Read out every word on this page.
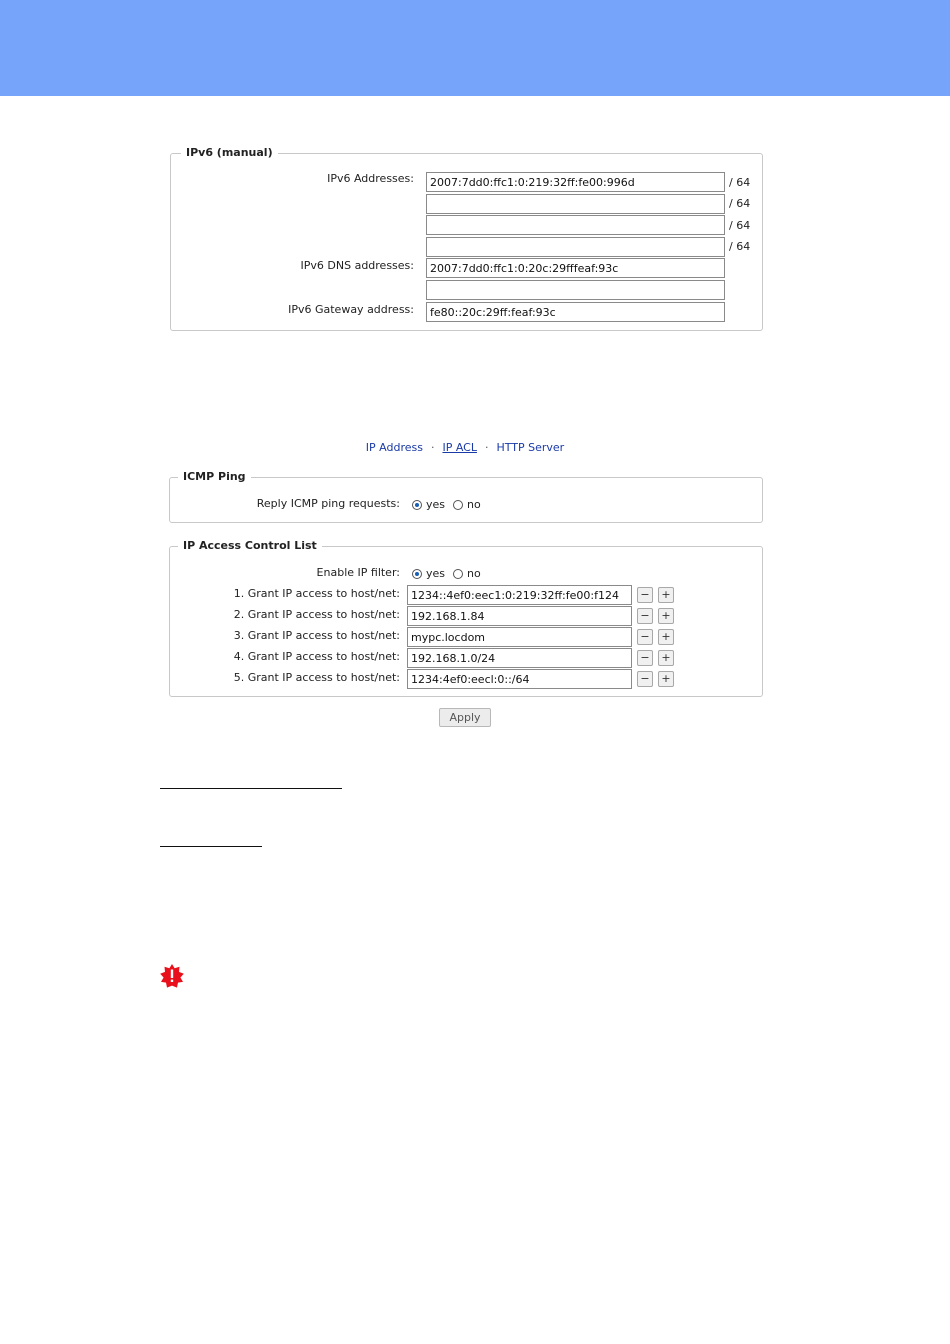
IPv6 (manual)
IPv6 Addresses:
2007:7dd0:ffc1:0:219:32ff:fe00:996d	/ 64
/ 64
/ 64
/ 64
IPv6 DNS addresses:
2007:7dd0:ffc1:0:20c:29fffeaf:93c
IPv6 Gateway address:
fe80::20c:29ff:feaf:93c
IP Address · IP ACL · HTTP Server
ICMP Ping
Reply ICMP ping requests: yes no
IP Access Control List
Enable IP filter: yes no
1. Grant IP access to host/net:
1234::4ef0:eec1:0:219:32ff:fe00:f124	−	+
2. Grant IP access to host/net:
192.168.1.84	−	+
3. Grant IP access to host/net:
mypc.locdom	−	+
4. Grant IP access to host/net:
192.168.1.0/24	−	+
5. Grant IP access to host/net:
1234:4ef0:eecl:0::/64	−	+
Apply
